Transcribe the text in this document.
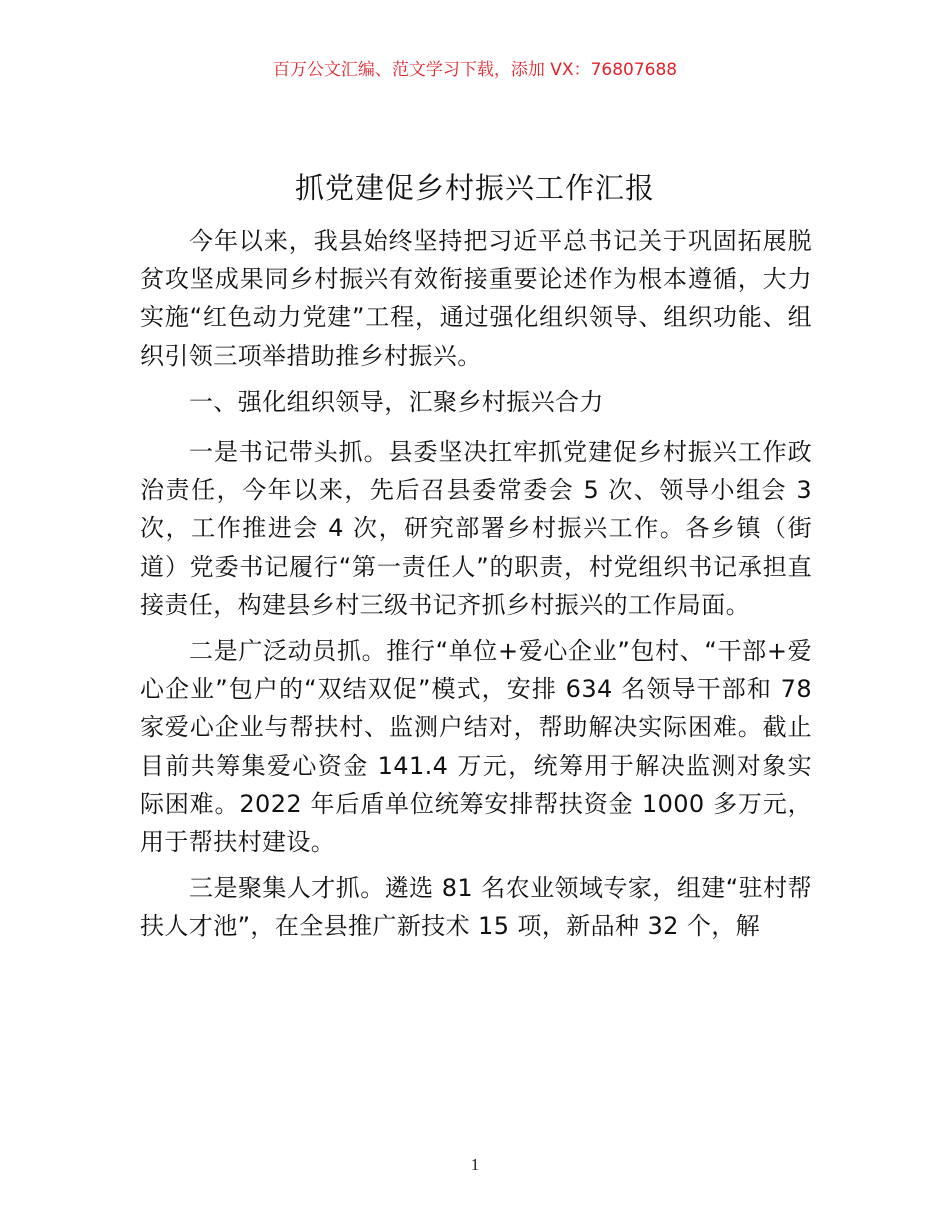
百万公文汇编、范文学习下载，添加 VX：76807688
抓党建促乡村振兴工作汇报

今年以来，我县始终坚持把习近平总书记关于巩固拓展脱贫攻坚成果同乡村振兴有效衔接重要论述作为根本遵循，大力实施“红色动力党建”工程，通过强化组织领导、组织功能、组织引领三项举措助推乡村振兴。

一、强化组织领导，汇聚乡村振兴合力

一是书记带头抓。县委坚决扛牢抓党建促乡村振兴工作政治责任，今年以来，先后召县委常委会 5 次、领导小组会 3 次，工作推进会 4 次，研究部署乡村振兴工作。各乡镇（街道）党委书记履行“第一责任人”的职责，村党组织书记承担直接责任，构建县乡村三级书记齐抓乡村振兴的工作局面。

二是广泛动员抓。推行“单位+爱心企业”包村、“干部+爱心企业”包户的“双结双促”模式，安排 634 名领导干部和 78 家爱心企业与帮扶村、监测户结对，帮助解决实际困难。截止目前共筹集爱心资金 141.4 万元，统筹用于解决监测对象实际困难。2022 年后盾单位统筹安排帮扶资金 1000 多万元，用于帮扶村建设。

三是聚集人才抓。遴选 81 名农业领域专家，组建“驻村帮扶人才池”，在全县推广新技术 15 项，新品种 32 个，解

1
